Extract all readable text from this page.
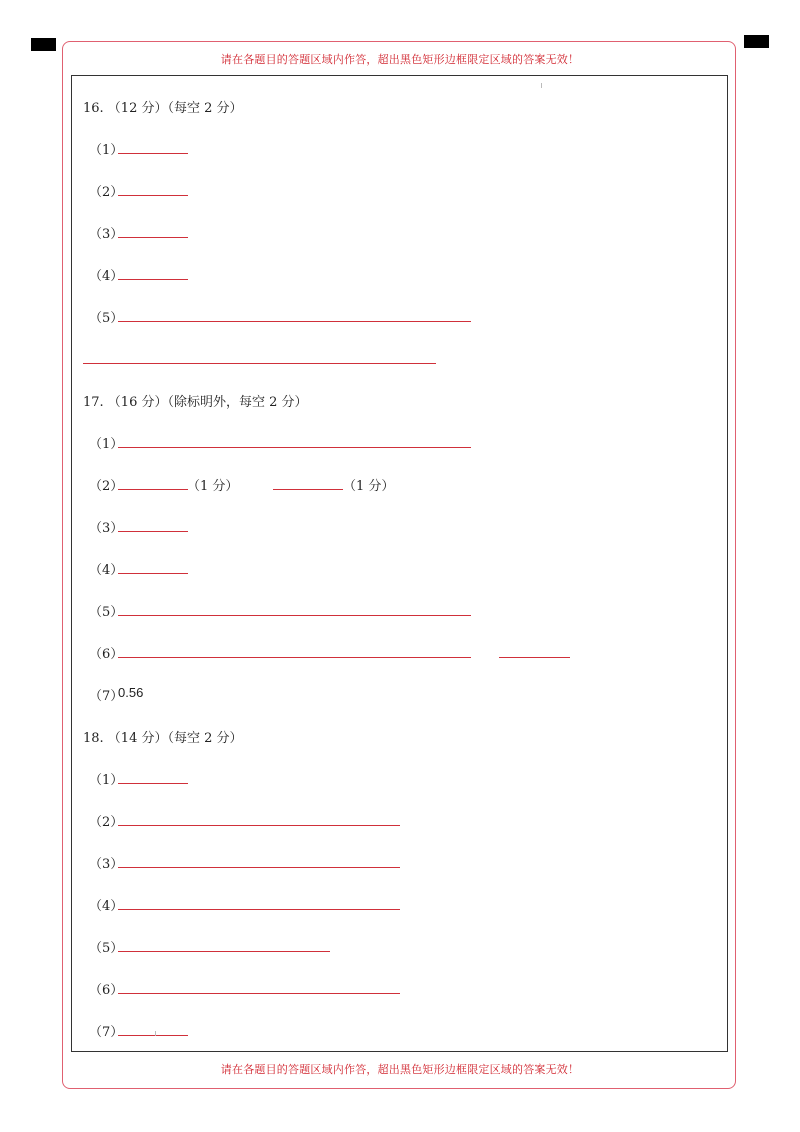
请在各题目的答题区域内作答，超出黑色矩形边框限定区域的答案无效！
16. （12 分）（每空 2 分）
（1）
（2）
（3）
（4）
（5）
17. （16 分）（除标明外，每空 2 分）
（1）
（2）	（1 分）	（1 分）
（3）
（4）
（5）
（6）
（7）
0.56
18. （14 分）（每空 2 分）
（1）
（2）
（3）
（4）
（5）
（6）
（7）
请在各题目的答题区域内作答，超出黑色矩形边框限定区域的答案无效！
